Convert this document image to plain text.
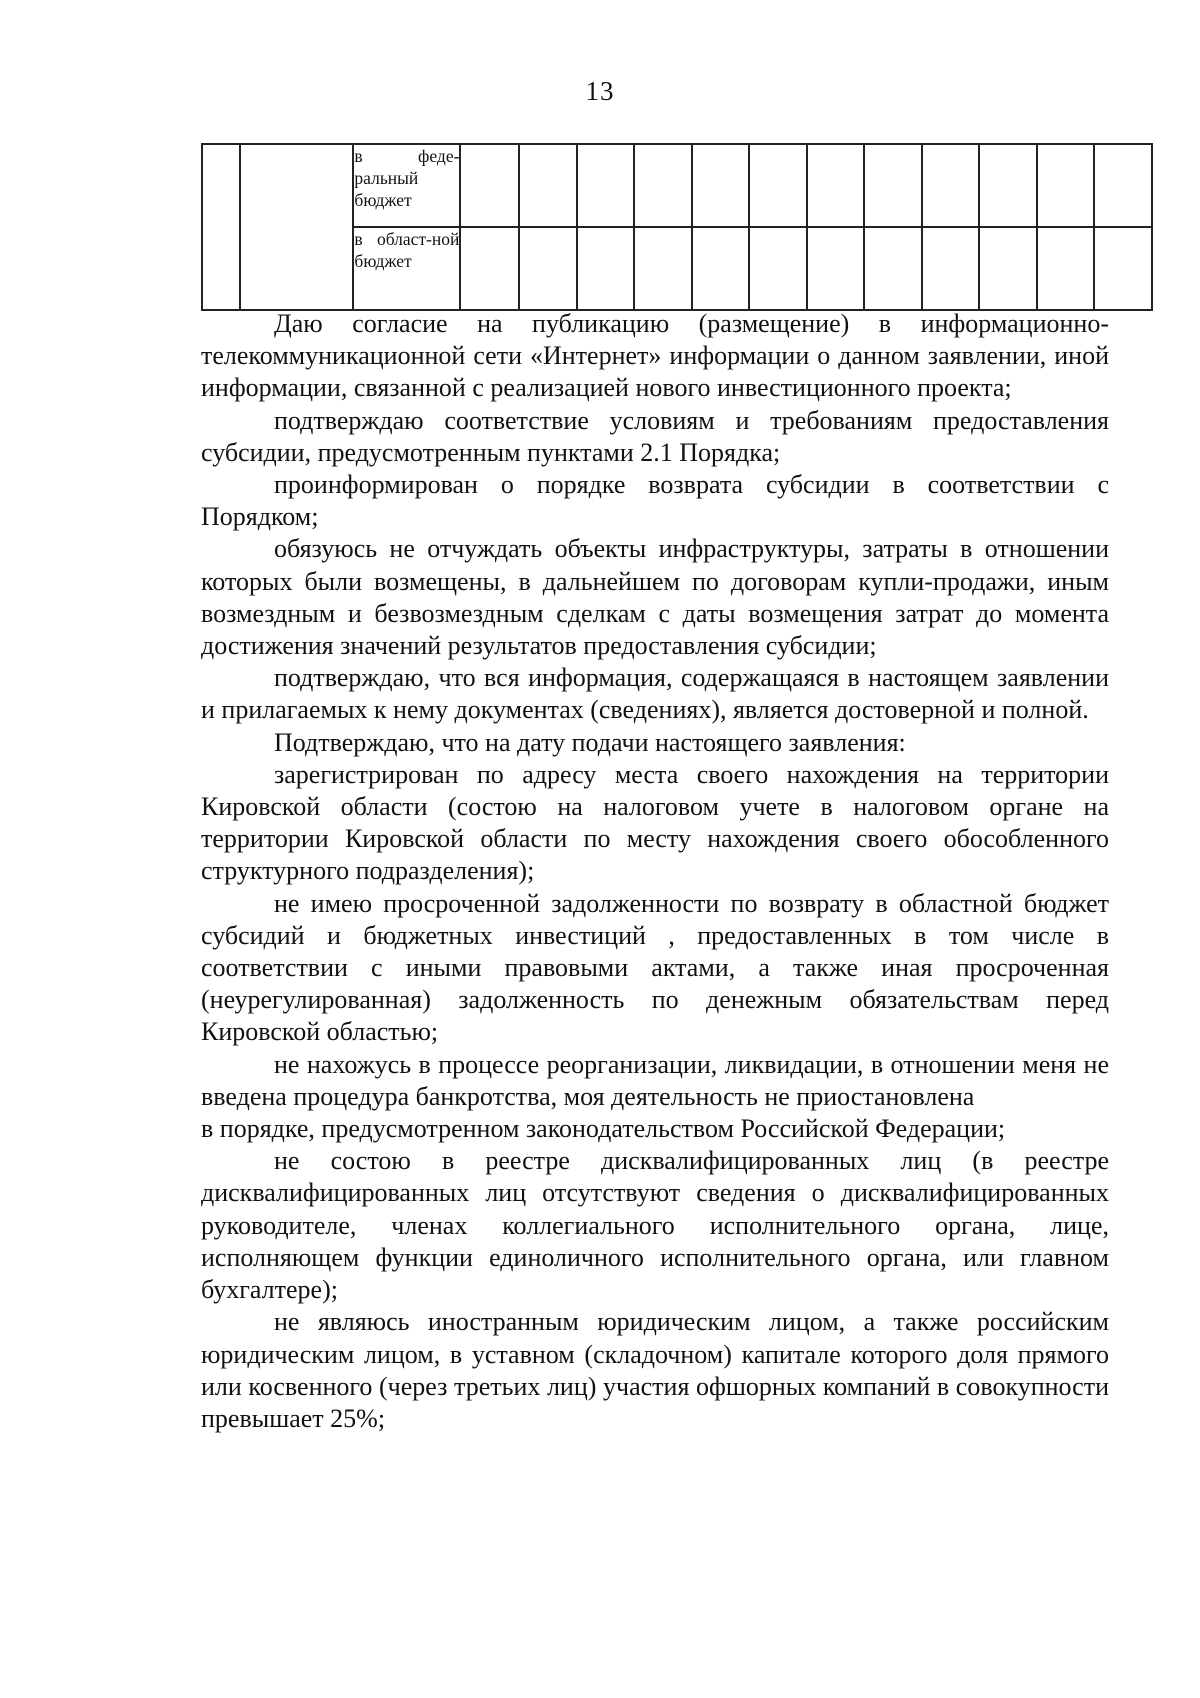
13

		в феде-ральный бюджет												

		в област-ной бюджет												

Даю согласие на публикацию (размещение) в информационно-телекоммуникационной сети «Интернет» информации о данном заявлении, иной информации, связанной с реализацией нового инвестиционного проекта;

подтверждаю соответствие условиям и требованиям предоставления субсидии, предусмотренным пунктами 2.1 Порядка;

проинформирован о порядке возврата субсидии в соответствии с Порядком;

обязуюсь не отчуждать объекты инфраструктуры, затраты в отношении которых были возмещены, в дальнейшем по договорам купли-продажи, иным возмездным и безвозмездным сделкам с даты возмещения затрат до момента достижения значений результатов предоставления субсидии;

подтверждаю, что вся информация, содержащаяся в настоящем заявлении и прилагаемых к нему документах (сведениях), является достоверной и полной.

Подтверждаю, что на дату подачи настоящего заявления:

зарегистрирован по адресу места своего нахождения на территории Кировской области (состою на налоговом учете в налоговом органе на территории Кировской области по месту нахождения своего обособленного структурного подразделения);

не имею просроченной задолженности по возврату в областной бюджет субсидий и бюджетных инвестиций , предоставленных в том числе в соответствии с иными правовыми актами, а также иная просроченная (неурегулированная) задолженность по денежным обязательствам перед Кировской областью;

не нахожусь в процессе реорганизации, ликвидации, в отношении меня не введена процедура банкротства, моя деятельность не приостановлена

в порядке, предусмотренном законодательством Российской Федерации;

не состою в реестре дисквалифицированных лиц (в реестре дисквалифицированных лиц отсутствуют сведения о дисквалифицированных руководителе, членах коллегиального исполнительного органа, лице, исполняющем функции единоличного исполнительного органа, или главном бухгалтере);

не являюсь иностранным юридическим лицом, а также российским юридическим лицом, в уставном (складочном) капитале которого доля прямого или косвенного (через третьих лиц) участия офшорных компаний в совокупности превышает 25%;
